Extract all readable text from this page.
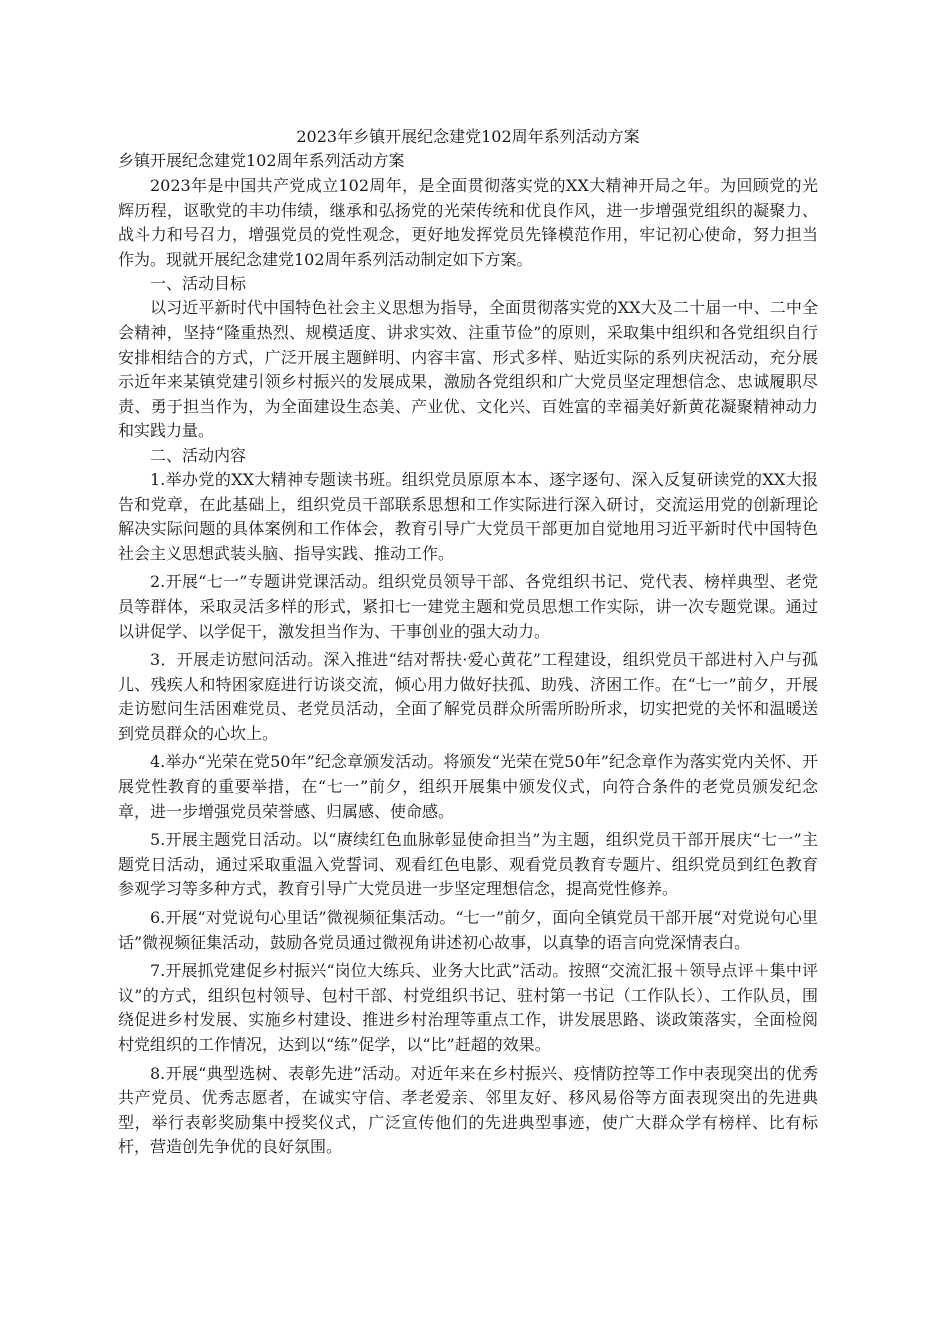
2023年乡镇开展纪念建党102周年系列活动方案

乡镇开展纪念建党102周年系列活动方案

2023年是中国共产党成立102周年，是全面贯彻落实党的XX大精神开局之年。为回顾党的光辉历程，讴歌党的丰功伟绩，继承和弘扬党的光荣传统和优良作风，进一步增强党组织的凝聚力、战斗力和号召力，增强党员的党性观念，更好地发挥党员先锋模范作用，牢记初心使命，努力担当作为。现就开展纪念建党102周年系列活动制定如下方案。

一、活动目标

以习近平新时代中国特色社会主义思想为指导，全面贯彻落实党的XX大及二十届一中、二中全会精神，坚持“隆重热烈、规模适度、讲求实效、注重节俭”的原则，采取集中组织和各党组织自行安排相结合的方式，广泛开展主题鲜明、内容丰富、形式多样、贴近实际的系列庆祝活动，充分展示近年来某镇党建引领乡村振兴的发展成果，激励各党组织和广大党员坚定理想信念、忠诚履职尽责、勇于担当作为，为全面建设生态美、产业优、文化兴、百姓富的幸福美好新黄花凝聚精神动力和实践力量。

二、活动内容

1.举办党的XX大精神专题读书班。组织党员原原本本、逐字逐句、深入反复研读党的XX大报告和党章，在此基础上，组织党员干部联系思想和工作实际进行深入研讨，交流运用党的创新理论解决实际问题的具体案例和工作体会，教育引导广大党员干部更加自觉地用习近平新时代中国特色社会主义思想武装头脑、指导实践、推动工作。

2.开展“七一”专题讲党课活动。组织党员领导干部、各党组织书记、党代表、榜样典型、老党员等群体，采取灵活多样的形式，紧扣七一建党主题和党员思想工作实际，讲一次专题党课。通过以讲促学、以学促干，激发担当作为、干事创业的强大动力。

3．开展走访慰问活动。深入推进“结对帮扶·爱心黄花”工程建设，组织党员干部进村入户与孤儿、残疾人和特困家庭进行访谈交流，倾心用力做好扶孤、助残、济困工作。在“七一”前夕，开展走访慰问生活困难党员、老党员活动，全面了解党员群众所需所盼所求，切实把党的关怀和温暖送到党员群众的心坎上。

4.举办“光荣在党50年”纪念章颁发活动。将颁发“光荣在党50年”纪念章作为落实党内关怀、开展党性教育的重要举措，在“七一”前夕，组织开展集中颁发仪式，向符合条件的老党员颁发纪念章，进一步增强党员荣誉感、归属感、使命感。

5.开展主题党日活动。以“赓续红色血脉彰显使命担当”为主题，组织党员干部开展庆“七一”主题党日活动，通过采取重温入党誓词、观看红色电影、观看党员教育专题片、组织党员到红色教育参观学习等多种方式，教育引导广大党员进一步坚定理想信念，提高党性修养。

6.开展“对党说句心里话”微视频征集活动。“七一”前夕，面向全镇党员干部开展“对党说句心里话”微视频征集活动，鼓励各党员通过微视角讲述初心故事，以真挚的语言向党深情表白。

7.开展抓党建促乡村振兴“岗位大练兵、业务大比武”活动。按照“交流汇报＋领导点评＋集中评议”的方式，组织包村领导、包村干部、村党组织书记、驻村第一书记（工作队长）、工作队员，围绕促进乡村发展、实施乡村建设、推进乡村治理等重点工作，讲发展思路、谈政策落实，全面检阅村党组织的工作情况，达到以“练”促学，以“比”赶超的效果。

8.开展“典型选树、表彰先进”活动。对近年来在乡村振兴、疫情防控等工作中表现突出的优秀共产党员、优秀志愿者，在诚实守信、孝老爱亲、邻里友好、移风易俗等方面表现突出的先进典型，举行表彰奖励集中授奖仪式，广泛宣传他们的先进典型事迹，使广大群众学有榜样、比有标杆，营造创先争优的良好氛围。
